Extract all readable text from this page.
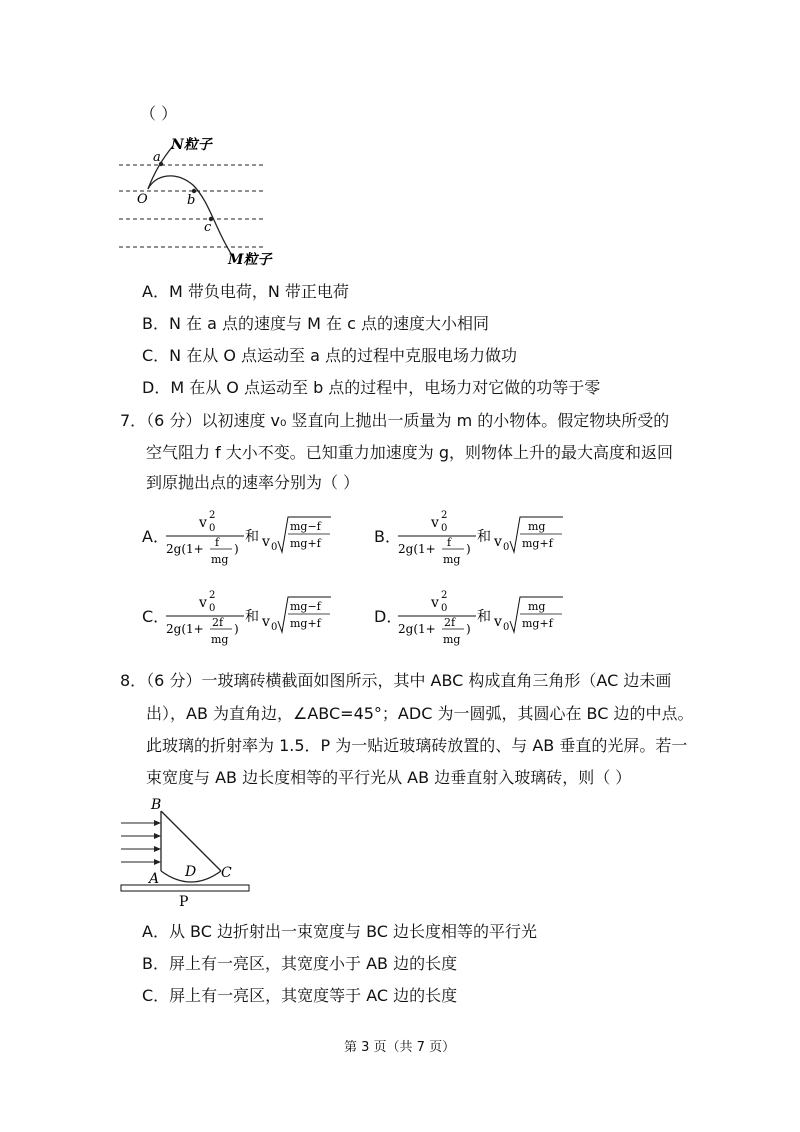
（ ）
N粒子
M粒子
a
O	b
c
A．M 带负电荷，N 带正电荷
B．N 在 a 点的速度与 M 在 c 点的速度大小相同
C．N 在从 O 点运动至 a 点的过程中克服电场力做功
D．M 在从 O 点运动至 b 点的过程中，电场力对它做的功等于零
7．（6 分）以初速度 v₀ 竖直向上抛出一质量为 m 的小物体。假定物块所受的
空气阻力 f 大小不变。已知重力加速度为 g，则物体上升的最大高度和返回
到原抛出点的速率分别为（ ）
A．
v 2
0
2g(1+ f
mg
)
和 v 0
mg−f
mg+f	B．
v 2
0
2g(1+ f
mg
)
和 v 0
mg
mg+f
C．
v 2
0
2g(1+ 2f
mg
)
和 v 0
mg−f
mg+f	D．
v 2
0
2g(1+ 2f
mg
)
和 v 0
mg
mg+f
8．（6 分）一玻璃砖横截面如图所示，其中 ABC 构成直角三角形（AC 边未画
出），AB 为直角边，∠ABC=45°；ADC 为一圆弧，其圆心在 BC 边的中点。
此玻璃的折射率为 1.5．P 为一贴近玻璃砖放置的、与 AB 垂直的光屏。若一
束宽度与 AB 边长度相等的平行光从 AB 边垂直射入玻璃砖，则（ ）
B
A D C
P
A．从 BC 边折射出一束宽度与 BC 边长度相等的平行光
B．屏上有一亮区，其宽度小于 AB 边的长度
C．屏上有一亮区，其宽度等于 AC 边的长度
第 3 页（共 7 页）
